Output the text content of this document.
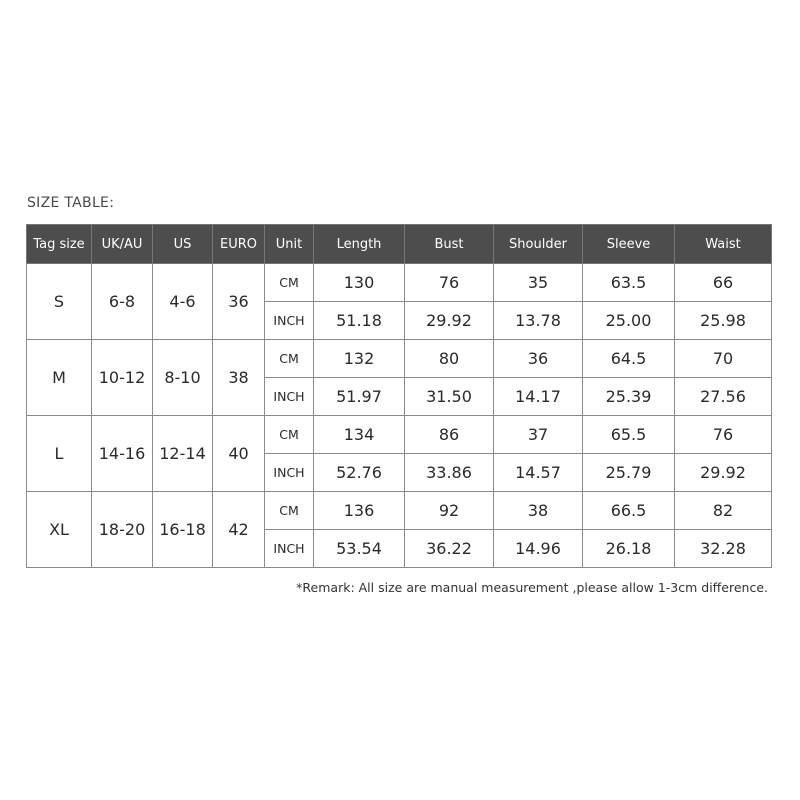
SIZE TABLE:
Tag size	UK/AU	US	EURO	Unit	Length	Bust	Shoulder	Sleeve	Waist
S	6-8	4-6	36	CM	130	76	35	63.5	66
				INCH	51.18	29.92	13.78	25.00	25.98
M	10-12	8-10	38	CM	132	80	36	64.5	70
				INCH	51.97	31.50	14.17	25.39	27.56
L	14-16	12-14	40	CM	134	86	37	65.5	76
				INCH	52.76	33.86	14.57	25.79	29.92
XL	18-20	16-18	42	CM	136	92	38	66.5	82
				INCH	53.54	36.22	14.96	26.18	32.28
*Remark: All size are manual measurement ,please allow 1-3cm difference.
